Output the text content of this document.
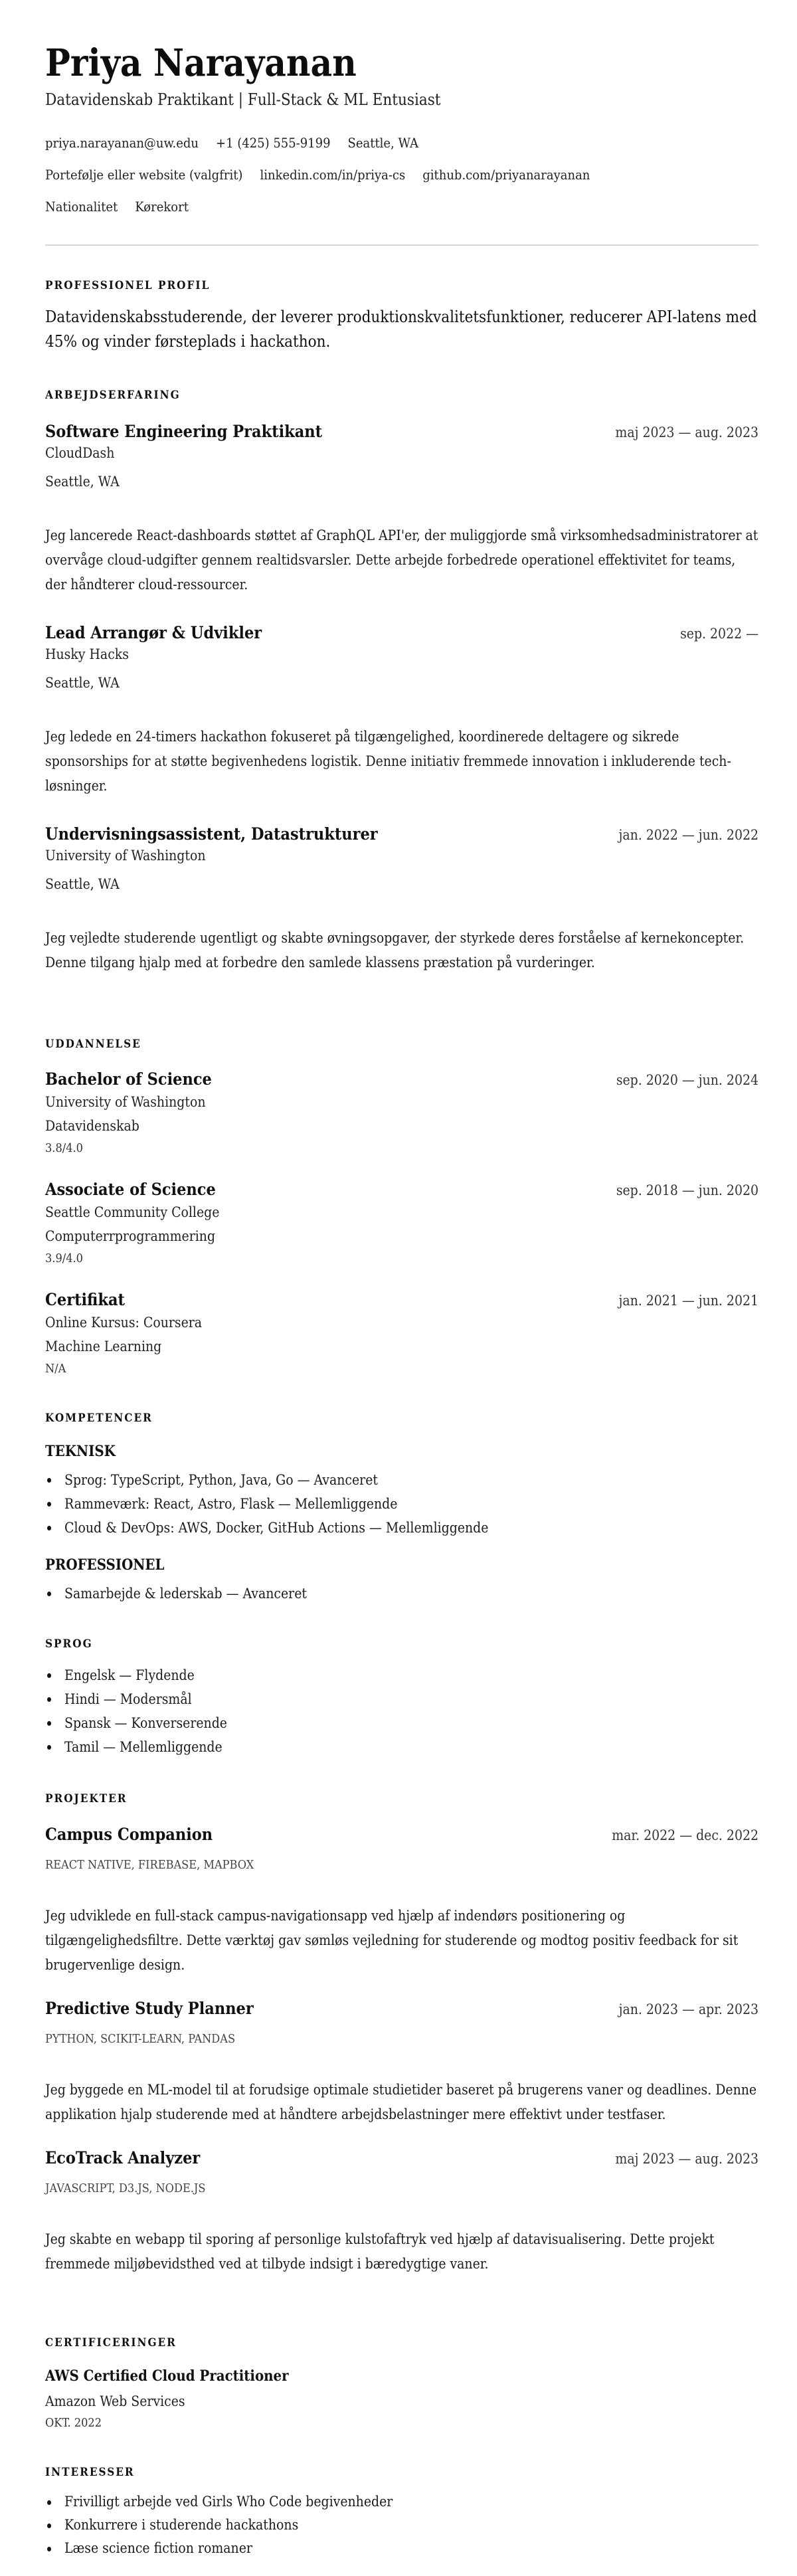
Priya Narayanan
Datavidenskab Praktikant | Full-Stack & ML Entusiast
priya.narayanan@uw.edu +1 (425) 555-9199 Seattle, WA
Portefølje eller website (valgfrit) linkedin.com/in/priya-cs github.com/priyanarayanan
Nationalitet Kørekort
PROFESSIONEL PROFIL
Datavidenskabsstuderende, der leverer produktionskvalitetsfunktioner, reducerer API-latens med 45% og vinder førsteplads i hackathon.
ARBEJDSERFARING
Software Engineering Praktikant	maj 2023 — aug. 2023
CloudDash
Seattle, WA
Jeg lancerede React-dashboards støttet af GraphQL API'er, der muliggjorde små virksomhedsadministratorer at overvåge cloud-udgifter gennem realtidsvarsler. Dette arbejde forbedrede operationel effektivitet for teams, der håndterer cloud-ressourcer.
Lead Arrangør & Udvikler	sep. 2022 —
Husky Hacks
Seattle, WA
Jeg ledede en 24-timers hackathon fokuseret på tilgængelighed, koordinerede deltagere og sikrede sponsorships for at støtte begivenhedens logistik. Denne initiativ fremmede innovation i inkluderende tech-løsninger.
Undervisningsassistent, Datastrukturer	jan. 2022 — jun. 2022
University of Washington
Seattle, WA
Jeg vejledte studerende ugentligt og skabte øvningsopgaver, der styrkede deres forståelse af kernekoncepter. Denne tilgang hjalp med at forbedre den samlede klassens præstation på vurderinger.
UDDANNELSE
Bachelor of Science	sep. 2020 — jun. 2024
University of Washington
Datavidenskab
3.8/4.0
Associate of Science	sep. 2018 — jun. 2020
Seattle Community College
Computerrprogrammering
3.9/4.0
Certifikat	jan. 2021 — jun. 2021
Online Kursus: Coursera
Machine Learning
N/A
KOMPETENCER
TEKNISK
Sprog: TypeScript, Python, Java, Go — Avanceret
Rammeværk: React, Astro, Flask — Mellemliggende
Cloud & DevOps: AWS, Docker, GitHub Actions — Mellemliggende
PROFESSIONEL
Samarbejde & lederskab — Avanceret
SPROG
Engelsk — Flydende
Hindi — Modersmål
Spansk — Konverserende
Tamil — Mellemliggende
PROJEKTER
Campus Companion	mar. 2022 — dec. 2022
REACT NATIVE, FIREBASE, MAPBOX
Jeg udviklede en full-stack campus-navigationsapp ved hjælp af indendørs positionering og tilgængelighedsfiltre. Dette værktøj gav sømløs vejledning for studerende og modtog positiv feedback for sit brugervenlige design.
Predictive Study Planner	jan. 2023 — apr. 2023
PYTHON, SCIKIT-LEARN, PANDAS
Jeg byggede en ML-model til at forudsige optimale studietider baseret på brugerens vaner og deadlines. Denne applikation hjalp studerende med at håndtere arbejdsbelastninger mere effektivt under testfaser.
EcoTrack Analyzer	maj 2023 — aug. 2023
JAVASCRIPT, D3.JS, NODE.JS
Jeg skabte en webapp til sporing af personlige kulstofaftryk ved hjælp af datavisualisering. Dette projekt fremmede miljøbevidsthed ved at tilbyde indsigt i bæredygtige vaner.
CERTIFICERINGER
AWS Certified Cloud Practitioner
Amazon Web Services
OKT. 2022
INTERESSER
Frivilligt arbejde ved Girls Who Code begivenheder
Konkurrere i studerende hackathons
Læse science fiction romaner
